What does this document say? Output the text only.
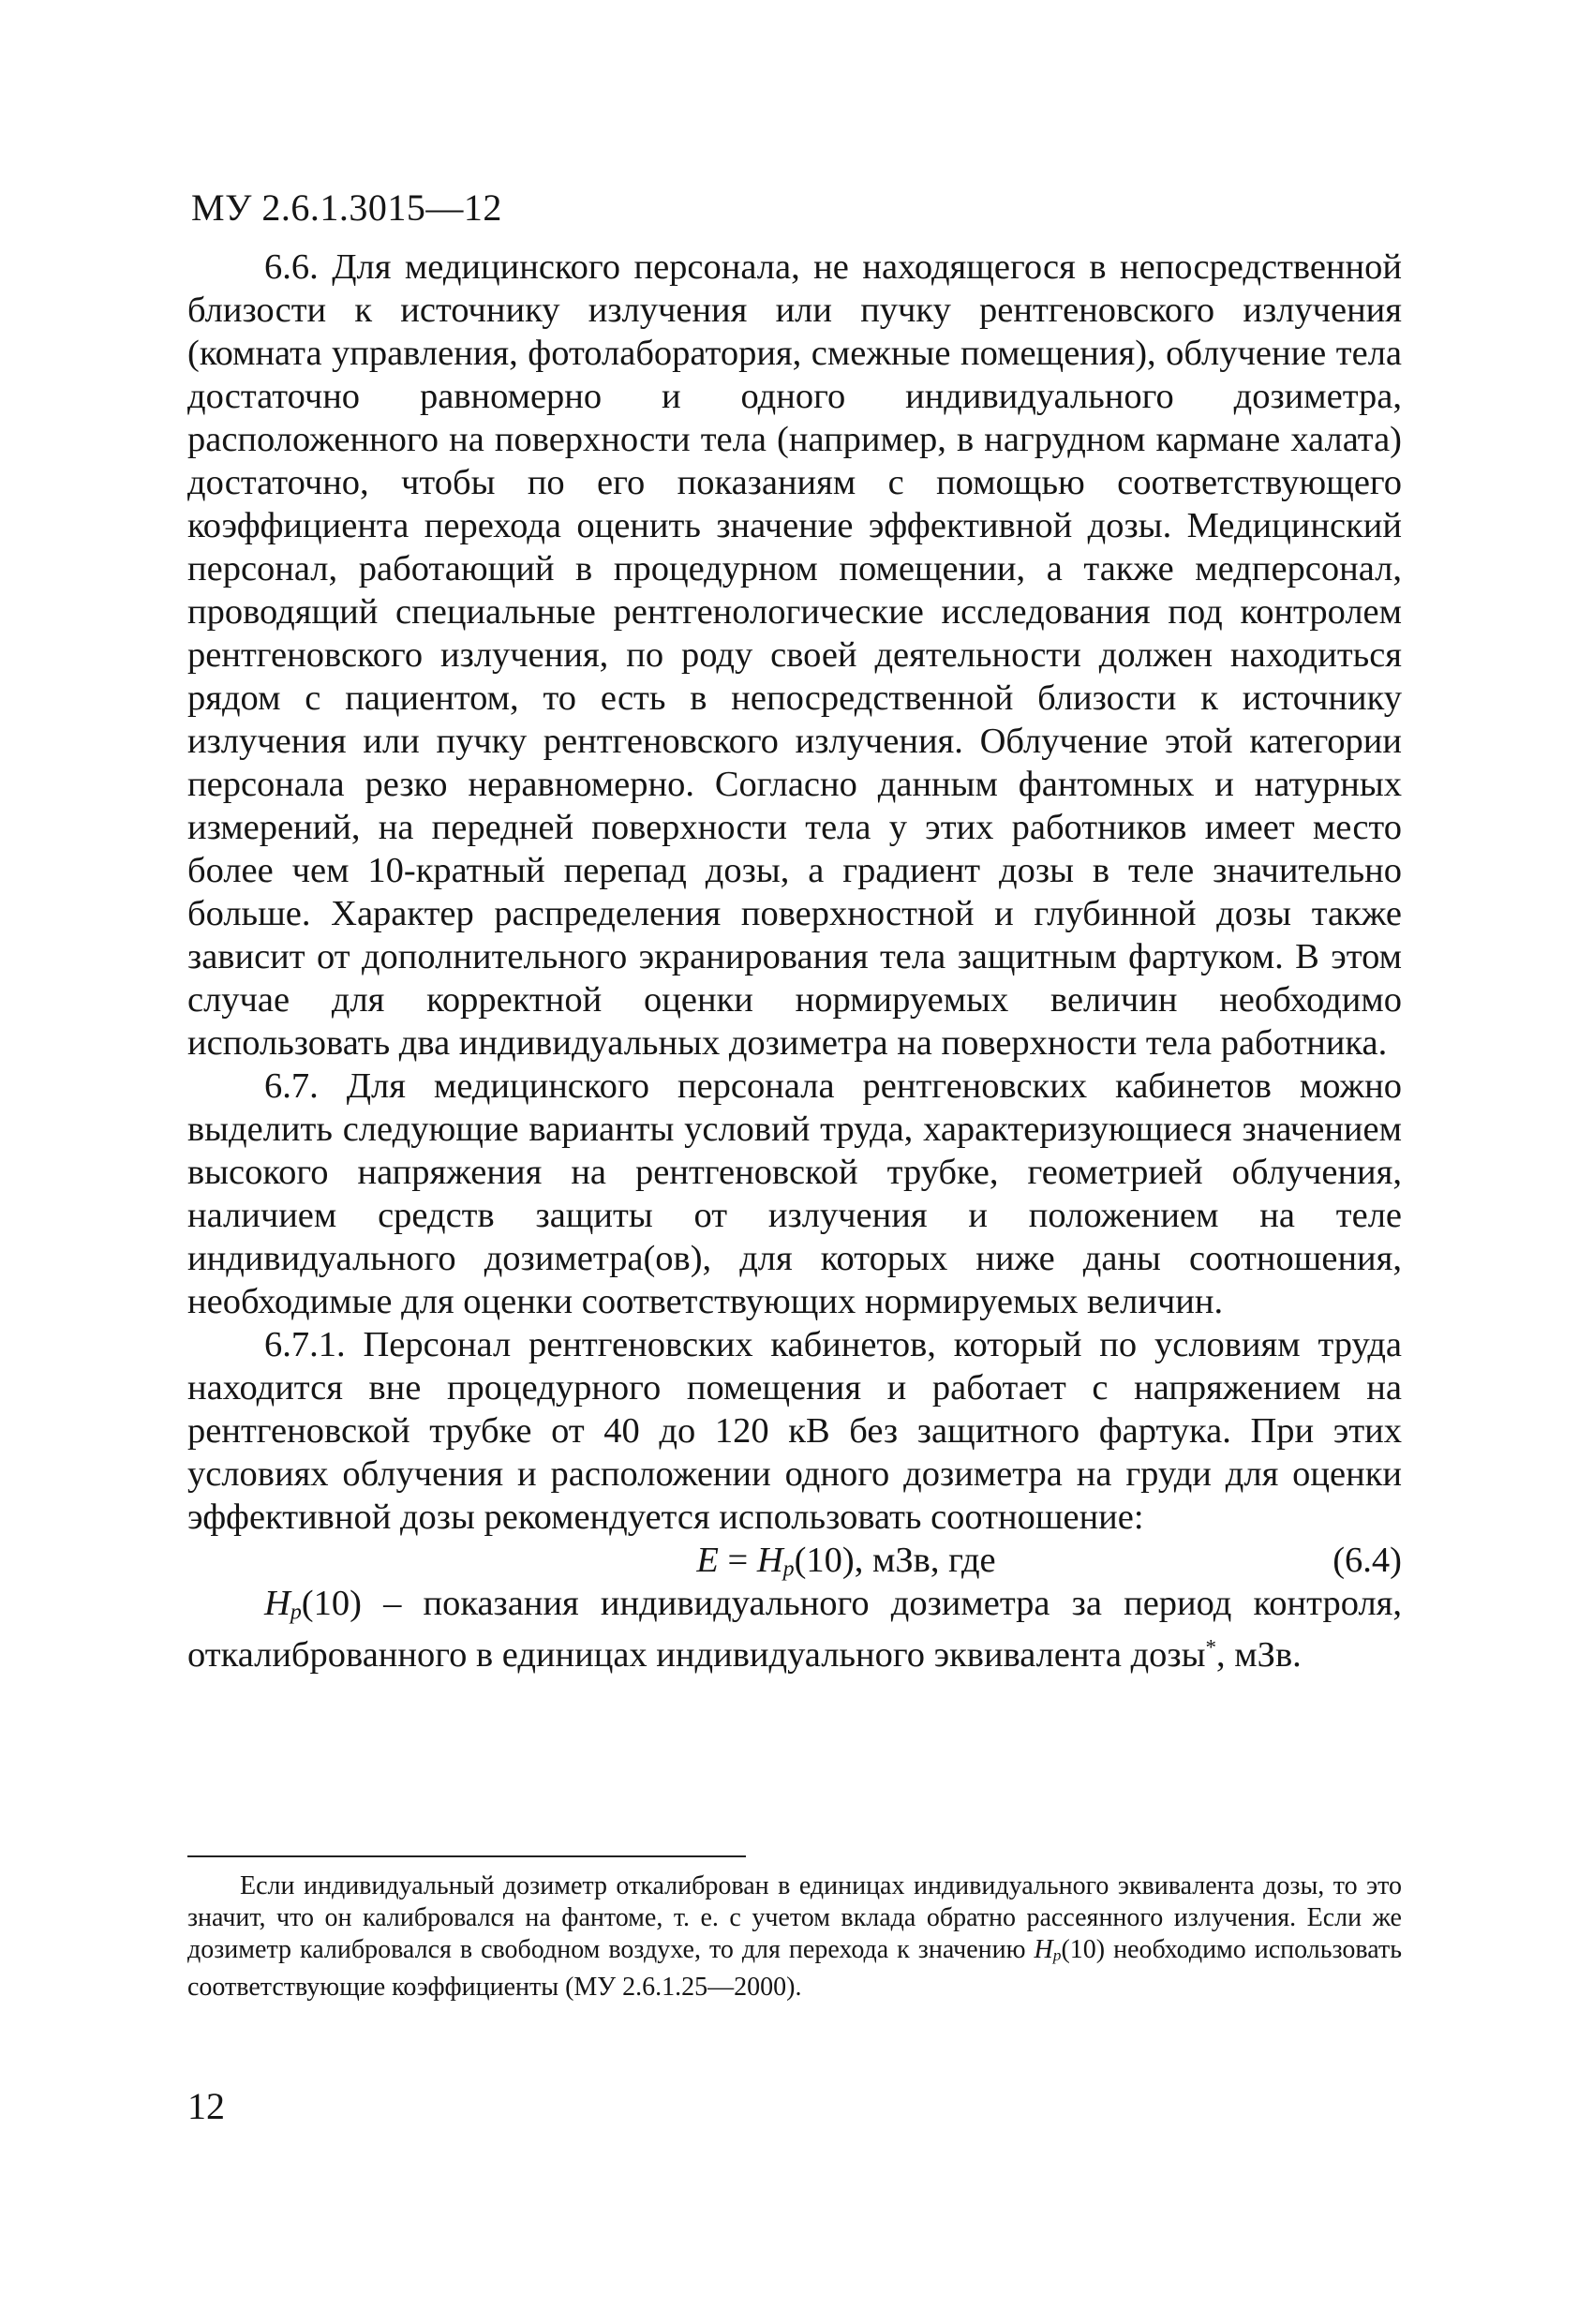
МУ 2.6.1.3015—12

6.6. Для медицинского персонала, не находящегося в непосредственной близости к источнику излучения или пучку рентгеновского излучения (комната управления, фотолаборатория, смежные помещения), облучение тела достаточно равномерно и одного индивидуального дозиметра, расположенного на поверхности тела (например, в нагрудном кармане халата) достаточно, чтобы по его показаниям с помощью соответствующего коэффициента перехода оценить значение эффективной дозы. Медицинский персонал, работающий в процедурном помещении, а также медперсонал, проводящий специальные рентгенологические исследования под контролем рентгеновского излучения, по роду своей деятельности должен находиться рядом с пациентом, то есть в непосредственной близости к источнику излучения или пучку рентгеновского излучения. Облучение этой категории персонала резко неравномерно. Согласно данным фантомных и натурных измерений, на передней поверхности тела у этих работников имеет место более чем 10-кратный перепад дозы, а градиент дозы в теле значительно больше. Характер распределения поверхностной и глубинной дозы также зависит от дополнительного экранирования тела защитным фартуком. В этом случае для корректной оценки нормируемых величин необходимо использовать два индивидуальных дозиметра на поверхности тела работника.

6.7. Для медицинского персонала рентгеновских кабинетов можно выделить следующие варианты условий труда, характеризующиеся значением высокого напряжения на рентгеновской трубке, геометрией облучения, наличием средств защиты от излучения и положением на теле индивидуального дозиметра(ов), для которых ниже даны соотношения, необходимые для оценки соответствующих нормируемых величин.

6.7.1. Персонал рентгеновских кабинетов, который по условиям труда находится вне процедурного помещения и работает с напряжением на рентгеновской трубке от 40 до 120 кВ без защитного фартука. При этих условиях облучения и расположении одного дозиметра на груди для оценки эффективной дозы рекомендуется использовать соотношение:

$E = H_p(10)$, мЗв, где	(6.4)

$H_p(10)$ – показания индивидуального дозиметра за период контроля, откалиброванного в единицах индивидуального эквивалента дозы*, мЗв.

Если индивидуальный дозиметр откалиброван в единицах индивидуального эквивалента дозы, то это значит, что он калибровался на фантоме, т. е. с учетом вклада обратно рассеянного излучения. Если же дозиметр калибровался в свободном воздухе, то для перехода к значению $H_p(10)$ необходимо использовать соответствующие коэффициенты (МУ 2.6.1.25—2000).
12
